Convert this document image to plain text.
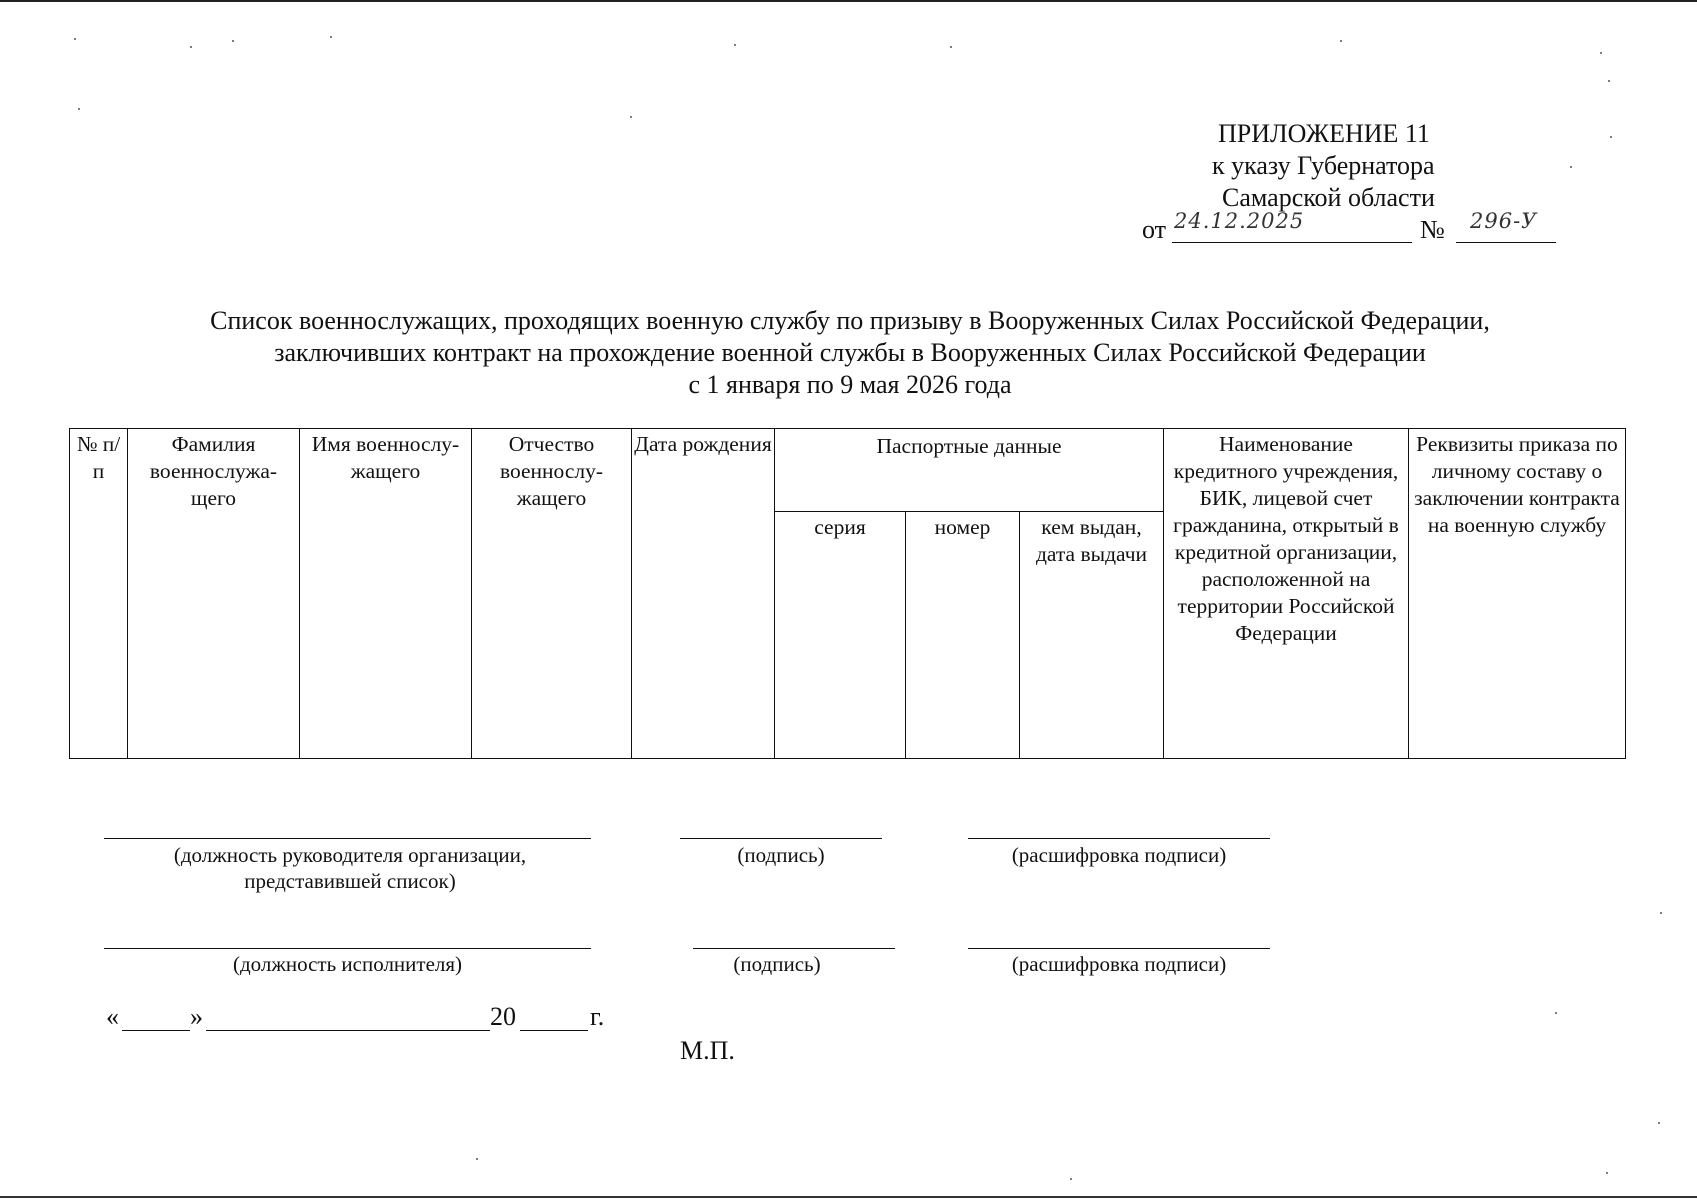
ПРИЛОЖЕНИЕ 11
к указу Губернатора
Самарской области
от 24.12.2025	№ 296-У
Список военнослужащих, проходящих военную службу по призыву в Вооруженных Силах Российской Федерации,
заключивших контракт на прохождение военной службы в Вооруженных Силах Российской Федерации
с 1 января по 9 мая 2026 года
№ п/п	Фамилия военнослужа- щего	Имя военнослу- жащего	Отчество военнослу- жащего	Дата рождения	Паспортные данные			Наименование кредитного учреждения, БИК, лицевой счет гражданина, открытый в кредитной организации, расположенной на территории Российской Федерации	Реквизиты приказа по личному составу о заключении контракта на военную службу
					серия	номер	кем выдан, дата выдачи		
(должность руководителя организации, представившей список)
(подпись)	(расшифровка подписи)
(должность исполнителя)	(подпись)	(расшифровка подписи)
«	»	20	г.
М.П.
